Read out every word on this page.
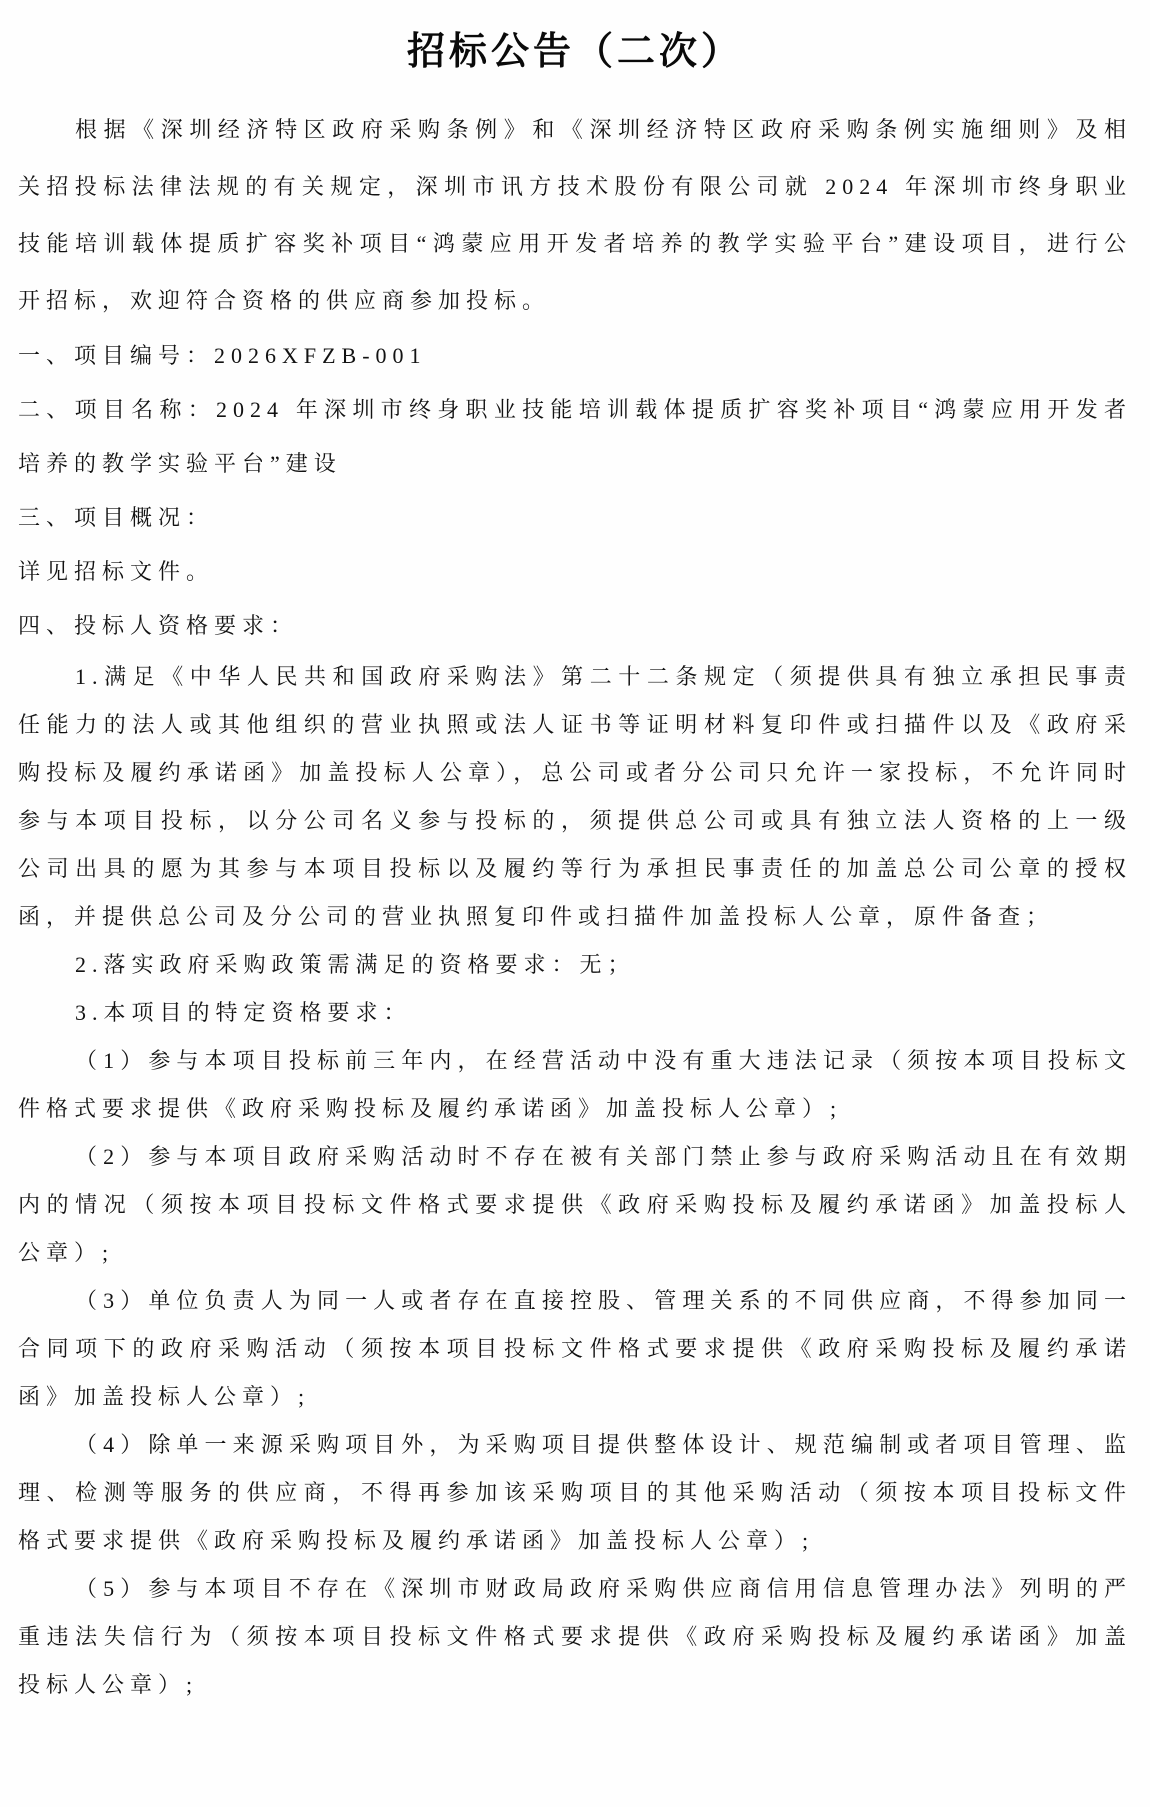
招标公告（二次）

根据《深圳经济特区政府采购条例》和《深圳经济特区政府采购条例实施细则》及相关招投标法律法规的有关规定，深圳市讯方技术股份有限公司就 2024 年深圳市终身职业技能培训载体提质扩容奖补项目“鸿蒙应用开发者培养的教学实验平台”建设项目，进行公开招标，欢迎符合资格的供应商参加投标。

一、项目编号：2026XFZB-001

二、项目名称：2024 年深圳市终身职业技能培训载体提质扩容奖补项目“鸿蒙应用开发者培养的教学实验平台”建设

三、项目概况：

详见招标文件。

四、投标人资格要求：

1.满足《中华人民共和国政府采购法》第二十二条规定（须提供具有独立承担民事责任能力的法人或其他组织的营业执照或法人证书等证明材料复印件或扫描件以及《政府采购投标及履约承诺函》加盖投标人公章），总公司或者分公司只允许一家投标，不允许同时参与本项目投标，以分公司名义参与投标的，须提供总公司或具有独立法人资格的上一级公司出具的愿为其参与本项目投标以及履约等行为承担民事责任的加盖总公司公章的授权函，并提供总公司及分公司的营业执照复印件或扫描件加盖投标人公章，原件备查；

2.落实政府采购政策需满足的资格要求：无；

3.本项目的特定资格要求：

（1）参与本项目投标前三年内，在经营活动中没有重大违法记录（须按本项目投标文件格式要求提供《政府采购投标及履约承诺函》加盖投标人公章）;

（2）参与本项目政府采购活动时不存在被有关部门禁止参与政府采购活动且在有效期内的情况（须按本项目投标文件格式要求提供《政府采购投标及履约承诺函》加盖投标人公章）;

（3）单位负责人为同一人或者存在直接控股、管理关系的不同供应商，不得参加同一合同项下的政府采购活动（须按本项目投标文件格式要求提供《政府采购投标及履约承诺函》加盖投标人公章）;

（4）除单一来源采购项目外，为采购项目提供整体设计、规范编制或者项目管理、监理、检测等服务的供应商，不得再参加该采购项目的其他采购活动（须按本项目投标文件格式要求提供《政府采购投标及履约承诺函》加盖投标人公章）;

（5）参与本项目不存在《深圳市财政局政府采购供应商信用信息管理办法》列明的严重违法失信行为（须按本项目投标文件格式要求提供《政府采购投标及履约承诺函》加盖投标人公章）;
